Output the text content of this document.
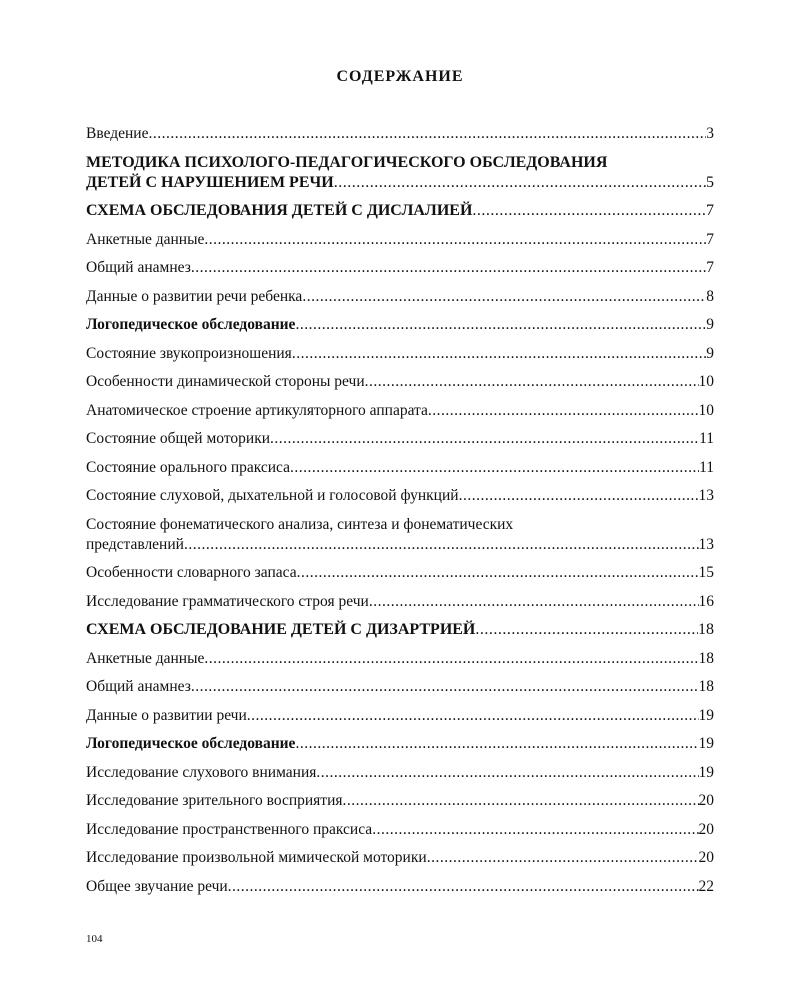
СОДЕРЖАНИЕ
Введение .....	3
МЕТОДИКА ПСИХОЛОГО-ПЕДАГОГИЧЕСКОГО ОБСЛЕДОВАНИЯ
ДЕТЕЙ С НАРУШЕНИЕМ РЕЧИ .....	5
СХЕМА ОБСЛЕДОВАНИЯ ДЕТЕЙ С ДИСЛАЛИЕЙ .....	7
Анкетные данные .....	7
Общий анамнез .....	7
Данные о развитии речи ребенка .....	8
Логопедическое обследование .....	9
Состояние звукопроизношения .....	9
Особенности динамической стороны речи .....	10
Анатомическое строение артикуляторного аппарата .....	10
Состояние общей моторики .....	11
Состояние орального праксиса .....	11
Состояние слуховой, дыхательной и голосовой функций .....	13
Состояние фонематического анализа, синтеза и фонематических
представлений .....	13
Особенности словарного запаса .....	15
Исследование грамматического строя речи .....	16
СХЕМА ОБСЛЕДОВАНИЕ ДЕТЕЙ С ДИЗАРТРИЕЙ .....	18
Анкетные данные .....	18
Общий анамнез .....	18
Данные о развитии речи .....	19
Логопедическое обследование .....	19
Исследование слухового внимания .....	19
Исследование зрительного восприятия .....	20
Исследование пространственного праксиса .....	20
Исследование произвольной мимической моторики .....	20
Общее звучание речи .....	22
104
